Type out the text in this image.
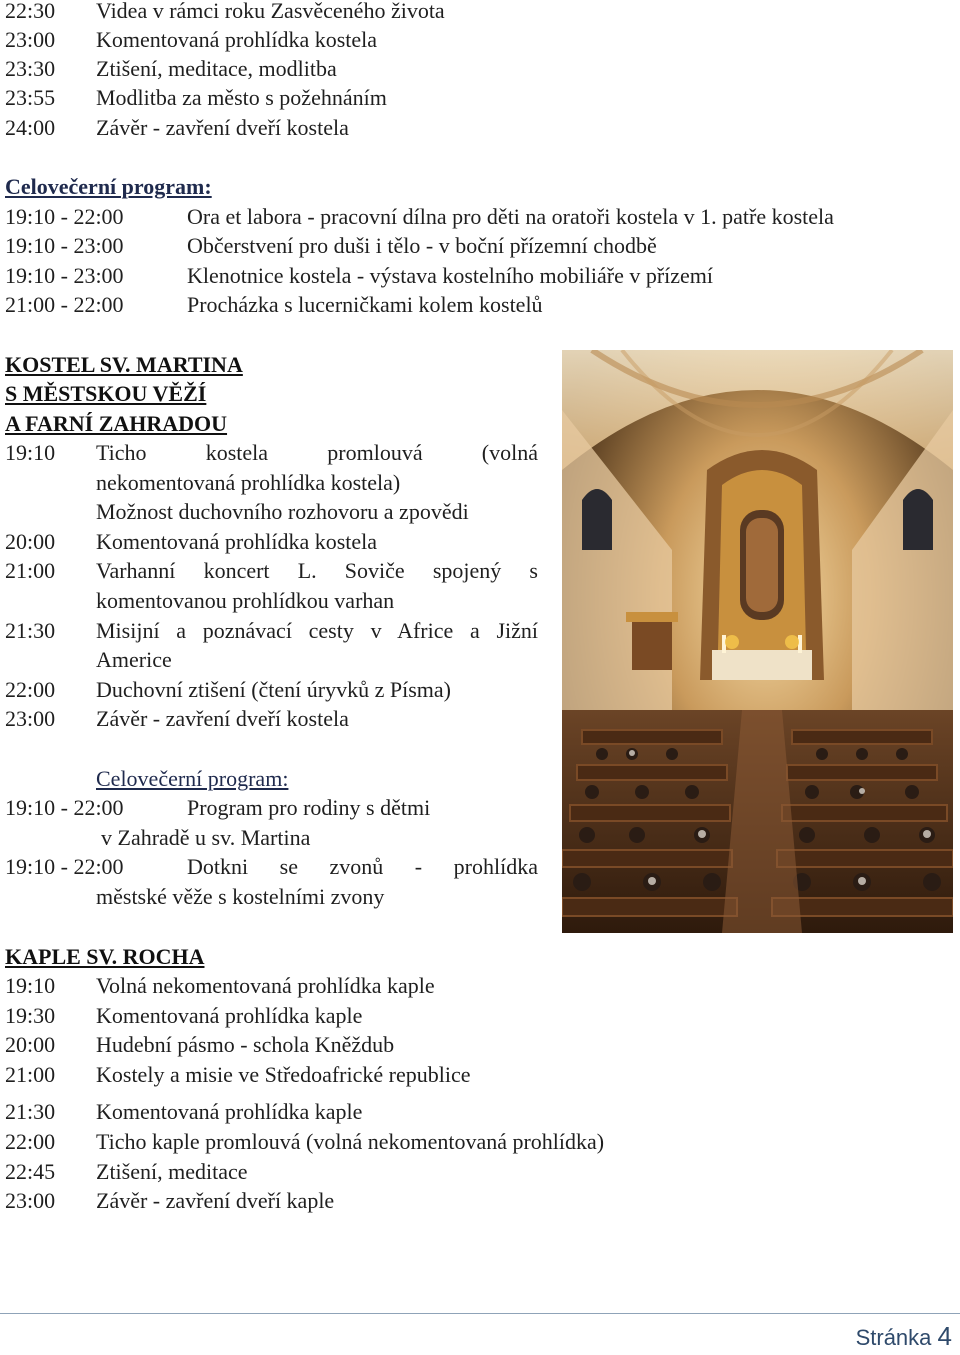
22:30 Videa v rámci roku Zasvěceného života
23:00 Komentovaná prohlídka kostela
23:30 Ztišení, meditace, modlitba
23:55 Modlitba za město s požehnáním
24:00 Závěr - zavření dveří kostela
Celovečerní program:
19:10 - 22:00	Ora et labora - pracovní dílna pro děti na oratoři kostela v 1. patře kostela
19:10 - 23:00	Občerstvení pro duši i tělo - v boční přízemní chodbě
19:10 - 23:00	Klenotnice kostela - výstava kostelního mobiliáře v přízemí
21:00 - 22:00	Procházka s lucerničkami kolem kostelů
KOSTEL SV. MARTINA
S MĚSTSKOU VĚŽÍ
A FARNÍ ZAHRADOU
19:10 Ticho kostela promlouvá (volná
nekomentovaná prohlídka kostela)
Možnost duchovního rozhovoru a zpovědi
20:00 Komentovaná prohlídka kostela
21:00 Varhanní koncert L. Soviče spojený s
komentovanou prohlídkou varhan
21:30 Misijní a poznávací cesty v Africe a Jižní
Americe
22:00 Duchovní ztišení (čtení úryvků z Písma)
23:00 Závěr - zavření dveří kostela
Celovečerní program:
19:10 - 22:00	Program pro rodiny s dětmi
v Zahradě u sv. Martina
19:10 - 22:00	Dotkni se zvonů - prohlídka
městské věže s kostelními zvony
KAPLE SV. ROCHA
19:10 Volná nekomentovaná prohlídka kaple
19:30 Komentovaná prohlídka kaple
20:00 Hudební pásmo - schola Kněždub
21:00 Kostely a misie ve Středoafrické republice
21:30 Komentovaná prohlídka kaple
22:00 Ticho kaple promlouvá (volná nekomentovaná prohlídka)
22:45 Ztišení, meditace
23:00 Závěr - zavření dveří kaple
Stránka 4
